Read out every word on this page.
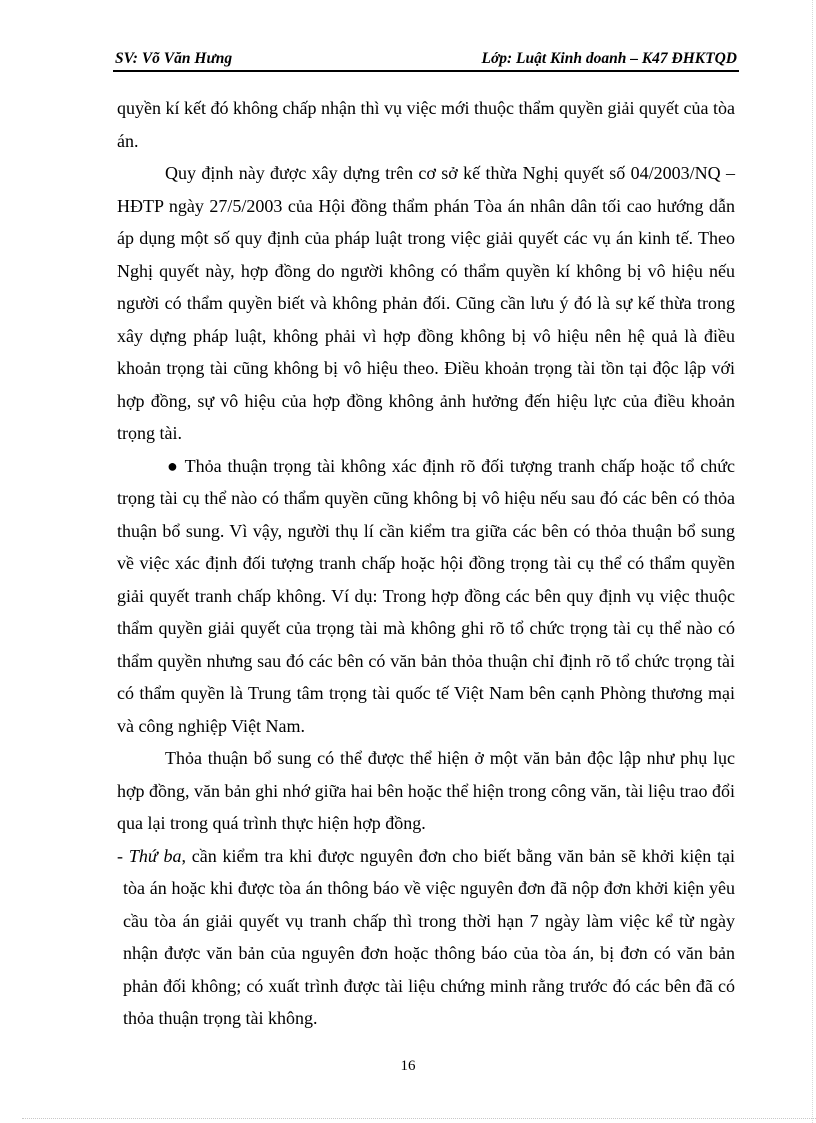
SV: Võ Văn Hưng	Lớp: Luật Kinh doanh – K47 ĐHKTQD

quyền kí kết đó không chấp nhận thì vụ việc mới thuộc thẩm quyền giải quyết của tòa án.

Quy định này được xây dựng trên cơ sở kế thừa Nghị quyết số 04/2003/NQ – HĐTP ngày 27/5/2003 của Hội đồng thẩm phán Tòa án nhân dân tối cao hướng dẫn áp dụng một số quy định của pháp luật trong việc giải quyết các vụ án kinh tế. Theo Nghị quyết này, hợp đồng do người không có thẩm quyền kí không bị vô hiệu nếu người có thẩm quyền biết và không phản đối. Cũng cần lưu ý đó là sự kế thừa trong xây dựng pháp luật, không phải vì hợp đồng không bị vô hiệu nên hệ quả là điều khoản trọng tài cũng không bị vô hiệu theo. Điều khoản trọng tài tồn tại độc lập với hợp đồng, sự vô hiệu của hợp đồng không ảnh hưởng đến hiệu lực của điều khoản trọng tài.

● Thỏa thuận trọng tài không xác định rõ đối tượng tranh chấp hoặc tổ chức trọng tài cụ thể nào có thẩm quyền cũng không bị vô hiệu nếu sau đó các bên có thỏa thuận bổ sung. Vì vậy, người thụ lí cần kiểm tra giữa các bên có thỏa thuận bổ sung về việc xác định đối tượng tranh chấp hoặc hội đồng trọng tài cụ thể có thẩm quyền giải quyết tranh chấp không. Ví dụ: Trong hợp đồng các bên quy định vụ việc thuộc thẩm quyền giải quyết của trọng tài mà không ghi rõ tổ chức trọng tài cụ thể nào có thẩm quyền nhưng sau đó các bên có văn bản thỏa thuận chỉ định rõ tổ chức trọng tài có thẩm quyền là Trung tâm trọng tài quốc tế Việt Nam bên cạnh Phòng thương mại và công nghiệp Việt Nam.

Thỏa thuận bổ sung có thể được thể hiện ở một văn bản độc lập như phụ lục hợp đồng, văn bản ghi nhớ giữa hai bên hoặc thể hiện trong công văn, tài liệu trao đổi qua lại trong quá trình thực hiện hợp đồng.

- Thứ ba, cần kiểm tra khi được nguyên đơn cho biết bằng văn bản sẽ khởi kiện tại tòa án hoặc khi được tòa án thông báo về việc nguyên đơn đã nộp đơn khởi kiện yêu cầu tòa án giải quyết vụ tranh chấp thì trong thời hạn 7 ngày làm việc kể từ ngày nhận được văn bản của nguyên đơn hoặc thông báo của tòa án, bị đơn có văn bản phản đối không; có xuất trình được tài liệu chứng minh rằng trước đó các bên đã có thỏa thuận trọng tài không.

16
